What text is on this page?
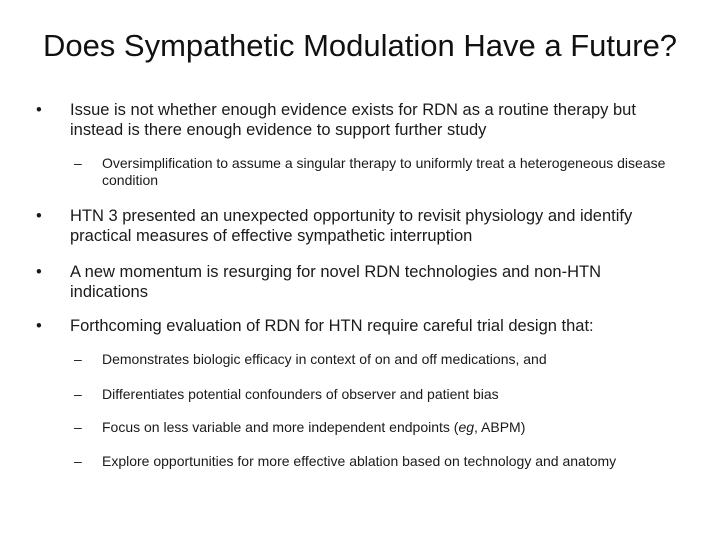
Does Sympathetic Modulation Have a Future?
•	Issue is not whether enough evidence exists for RDN as a routine therapy but instead is there enough evidence to support further study
–	Oversimplification to assume a singular therapy to uniformly treat a heterogeneous disease condition
•	HTN 3 presented an unexpected opportunity to revisit physiology and identify practical measures of effective sympathetic interruption
•	A new momentum is resurging for novel RDN technologies and non-HTN indications
•	Forthcoming evaluation of RDN for HTN require careful trial design that:
–	Demonstrates biologic efficacy in context of on and off medications, and
–	Differentiates potential confounders of observer and patient bias
–	Focus on less variable and more independent endpoints (eg, ABPM)
–	Explore opportunities for more effective ablation based on technology and anatomy
